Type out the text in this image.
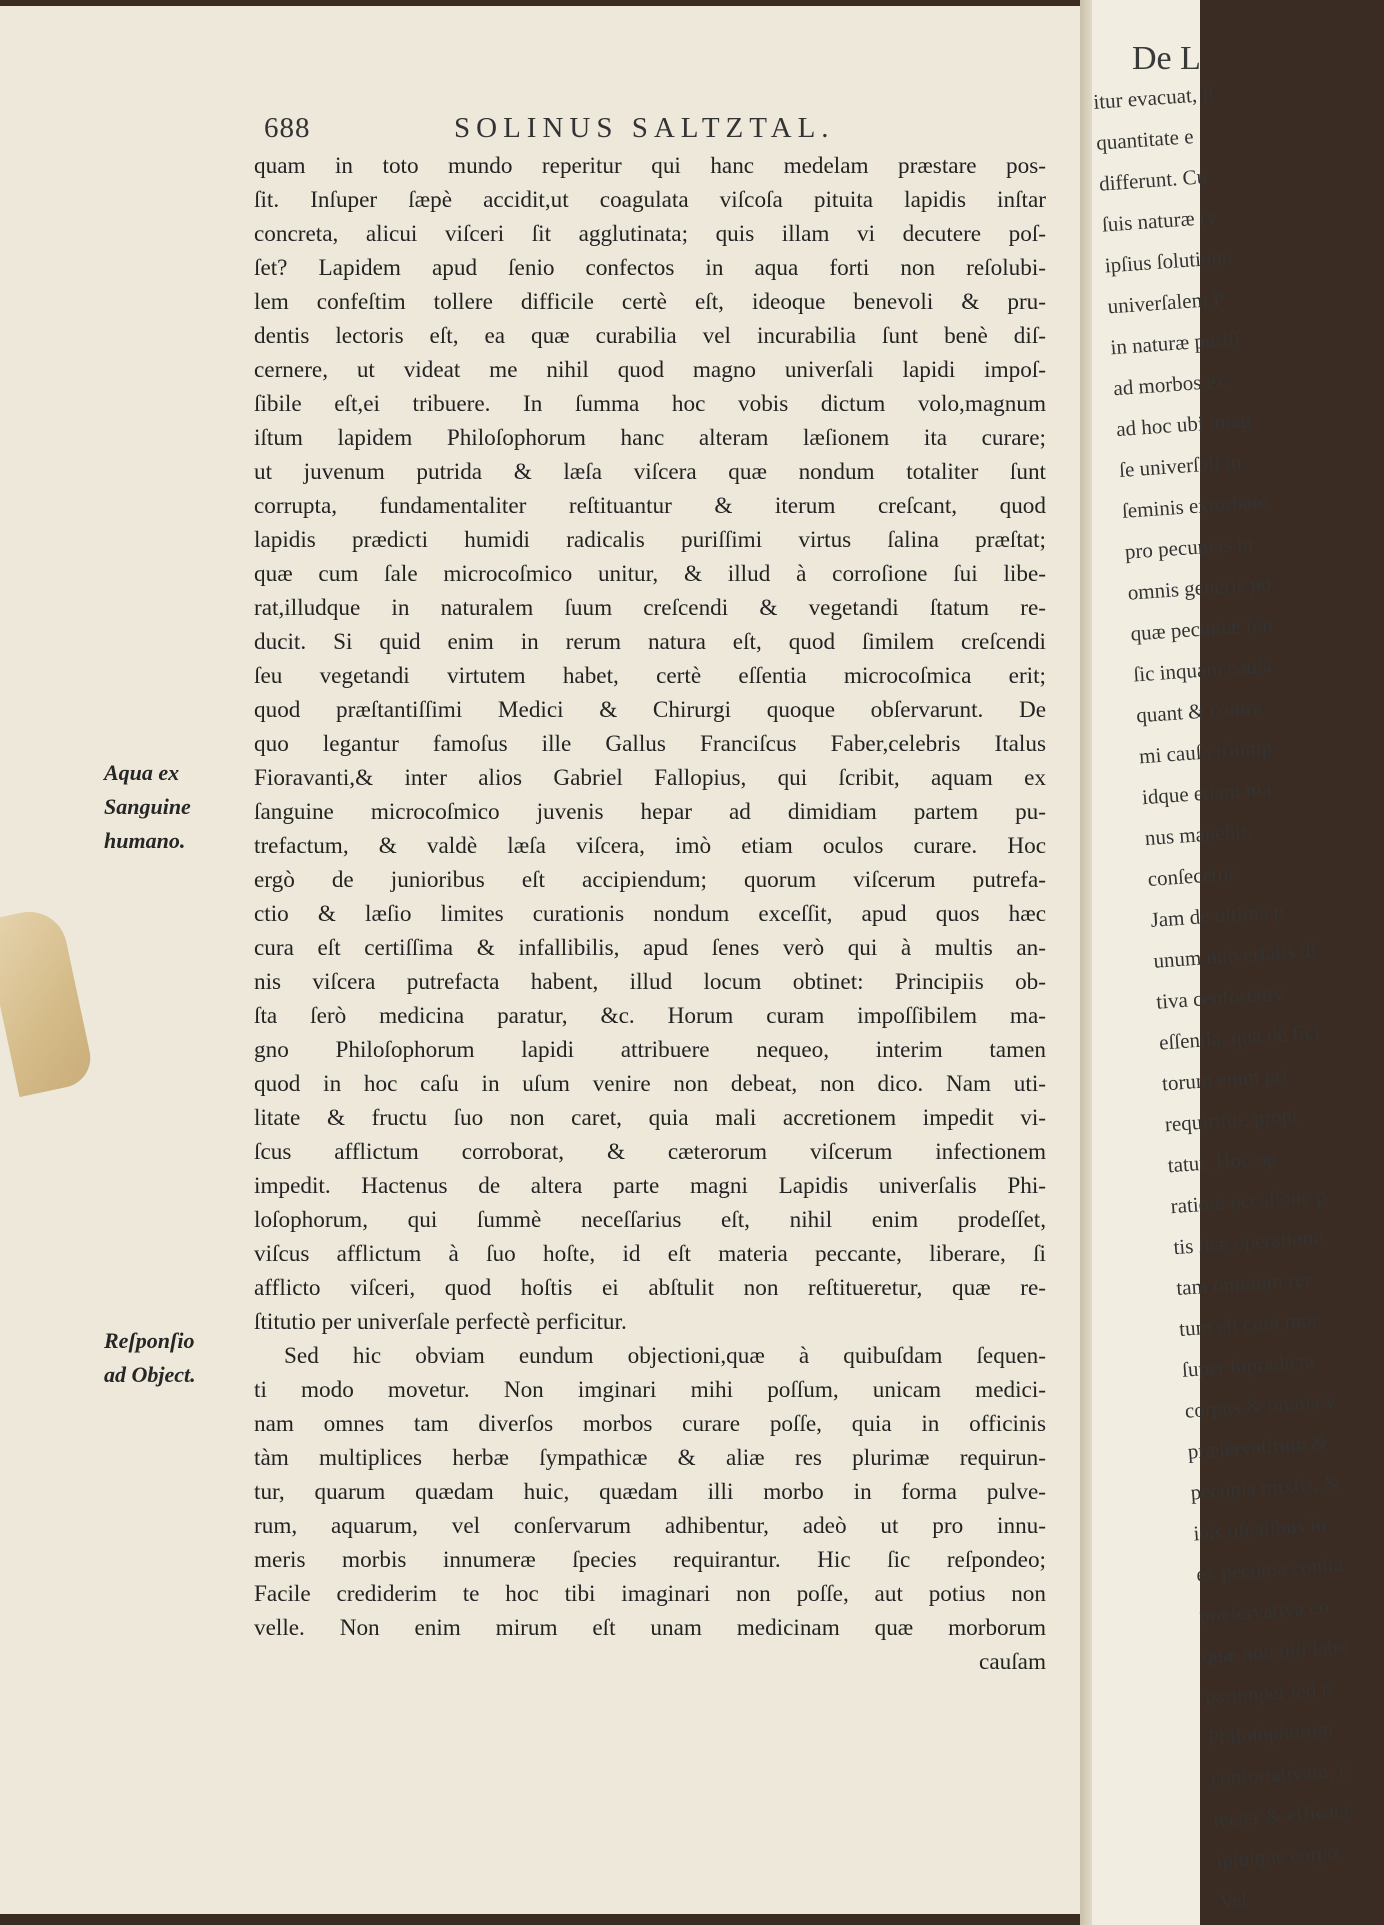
688	SOLINUS SALTZTAL.
Aqua ex
Sanguine
humano.
Reſponſio
ad Object.
quam in toto mundo reperitur qui hanc medelam præstare pos-
ſit. Inſuper ſæpè accidit,ut coagulata viſcoſa pituita lapidis inſtar
concreta, alicui viſceri ſit agglutinata; quis illam vi decutere poſ-
ſet? Lapidem apud ſenio confectos in aqua forti non reſolubi-
lem confeſtim tollere difficile certè eſt, ideoque benevoli & pru-
dentis lectoris eſt, ea quæ curabilia vel incurabilia ſunt benè diſ-
cernere, ut videat me nihil quod magno univerſali lapidi impoſ-
ſibile eſt,ei tribuere. In ſumma hoc vobis dictum volo,magnum
iſtum lapidem Philoſophorum hanc alteram læſionem ita curare;
ut juvenum putrida & læſa viſcera quæ nondum totaliter ſunt
corrupta, fundamentaliter reſtituantur & iterum creſcant, quod
lapidis prædicti humidi radicalis puriſſimi virtus ſalina præſtat;
quæ cum ſale microcoſmico unitur, & illud à corroſione ſui libe-
rat,illudque in naturalem ſuum creſcendi & vegetandi ſtatum re-
ducit. Si quid enim in rerum natura eſt, quod ſimilem creſcendi
ſeu vegetandi virtutem habet, certè eſſentia microcoſmica erit;
quod præſtantiſſimi Medici & Chirurgi quoque obſervarunt. De
quo legantur famoſus ille Gallus Franciſcus Faber,celebris Italus
Fioravanti,& inter alios Gabriel Fallopius, qui ſcribit, aquam ex
ſanguine microcoſmico juvenis hepar ad dimidiam partem pu-
trefactum, & valdè læſa viſcera, imò etiam oculos curare. Hoc
ergò de junioribus eſt accipiendum; quorum viſcerum putrefa-
ctio & læſio limites curationis nondum exceſſit, apud quos hæc
cura eſt certiſſima & infallibilis, apud ſenes verò qui à multis an-
nis viſcera putrefacta habent, illud locum obtinet: Principiis ob-
ſta ſerò medicina paratur, &c. Horum curam impoſſibilem ma-
gno Philoſophorum lapidi attribuere nequeo, interim tamen
quod in hoc caſu in uſum venire non debeat, non dico. Nam uti-
litate & fructu ſuo non caret, quia mali accretionem impedit vi-
ſcus afflictum corroborat, & cæterorum viſcerum infectionem
impedit. Hactenus de altera parte magni Lapidis univerſalis Phi-
loſophorum, qui ſummè neceſſarius eſt, nihil enim prodeſſet,
viſcus afflictum à ſuo hoſte, id eſt materia peccante, liberare, ſi
afflicto viſceri, quod hoſtis ei abſtulit non reſtitueretur, quæ re-
ſtitutio per univerſale perfectè perficitur.
Sed hic obviam eundum objectioni,quæ à quibuſdam ſequen-
ti modo movetur. Non imginari mihi poſſum, unicam medici-
nam omnes tam diverſos morbos curare poſſe, quia in officinis
tàm multiplices herbæ ſympathicæ & aliæ res plurimæ requirun-
tur, quarum quædam huic, quædam illi morbo in forma pulve-
rum, aquarum, vel conſervarum adhibentur, adeò ut pro innu-
meris morbis innumeræ ſpecies requirantur. Hic ſic reſpondeo;
Facile crediderim te hoc tibi imaginari non poſſe, aut potius non
velle. Non enim mirum eſt unam medicinam quæ morborum
cauſam
De L
itur evacuat, ſi
quantitate e
differunt. Cu
ſuis naturæ (v
ipſius ſolutionu
univerſalem P
in naturæ puriſſ
ad morbos ex
ad hoc ubi imag
ſe univerſali in
ſeminis exturbare
pro pecunias in
omnis generis po
quæ pecuniæ ſun
ſic inquam cauſa
quant & contra
mi cauſa triump
idque etiam ma
nus manebit,
conſecetur.
Jam de ultima p
unum univerſalis di
tiva cenfortativ
eſſentia, qua de fici
torum enim pri
requiritur, propt
tatur. Hoc op
rationi occaſione p
tis ſuæ operatione
tam omnium rer
tum eſt cum mor
ſuper ſupradicta
corpus & omnia v
præſervatirum &
pecunia mixtis, &
ieis uſualibus in
ex pecunia conſta
præſervativa co
quæ non niſi labo
parumper ſed n
Philoſophorum
confortativam, c
tecter & efficaci
ipſuſque corpo
Vel
